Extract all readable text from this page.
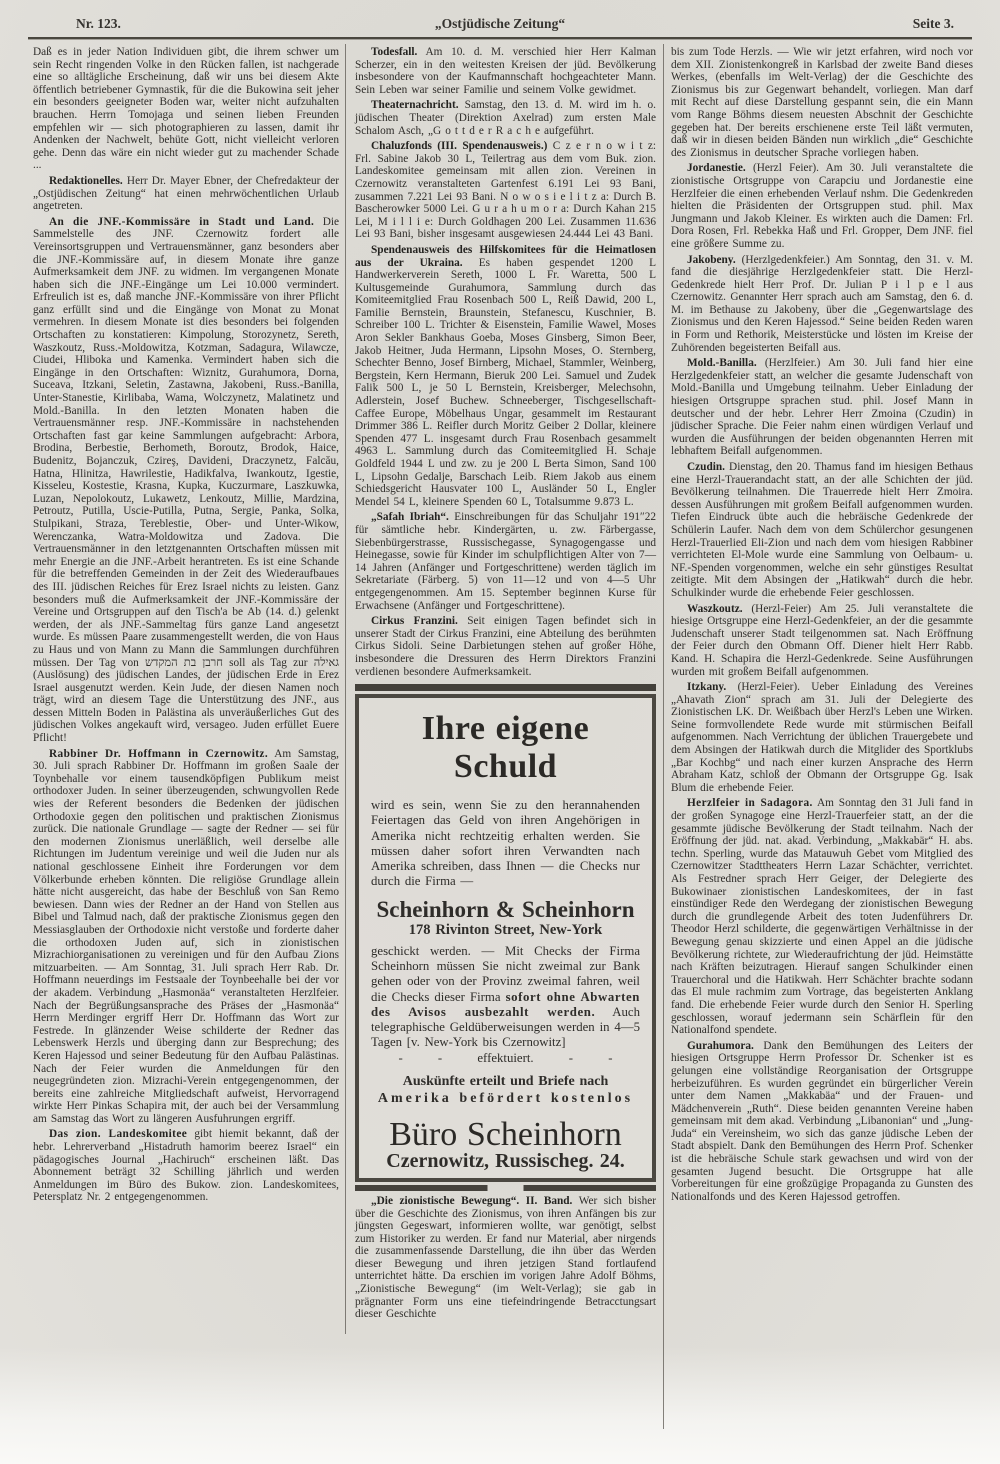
Nr. 123.	„Ostjüdische Zeitung“	Seite 3.

Daß es in jeder Nation Individuen gibt, die ihrem schwer um sein Recht ringenden Volke in den Rücken fallen, ist nachgerade eine so alltägliche Erscheinung, daß wir uns bei diesem Akte öffentlich betriebener Gymnastik, für die die Bukowina seit jeher ein besonders geeigneter Boden war, weiter nicht aufzuhalten brauchen. Herrn Tomojaga und seinen lieben Freunden empfehlen wir — sich photographieren zu lassen, damit ihr Andenken der Nachwelt, behüte Gott, nicht vielleicht verloren gehe. Denn das wäre ein nicht wieder gut zu machender Schade ...

Redaktionelles. Herr Dr. Mayer Ebner, der Chefredakteur der „Ostjüdischen Zeitung“ hat einen mehrwöchentlichen Urlaub angetreten.

An die JNF.-Kommissäre in Stadt und Land. Die Sammelstelle des JNF. Czernowitz fordert alle Vereinsortsgruppen und Vertrauensmänner, ganz besonders aber die JNF.-Kommissäre auf, in diesem Monate ihre ganze Aufmerksamkeit dem JNF. zu widmen. Im vergangenen Monate haben sich die JNF.-Eingänge um Lei 10.000 vermindert. Erfreulich ist es, daß manche JNF.-Kommissäre von ihrer Pflicht ganz erfüllt sind und die Eingänge von Monat zu Monat vermehren. In diesem Monate ist dies besonders bei folgenden Ortschaften zu konstatieren: Kimpolung, Storozynetz, Sereth, Waszkoutz, Russ.-Moldowitza, Kotzman, Sadagura, Wilawcze, Ciudei, Hliboka und Kamenka. Vermindert haben sich die Eingänge in den Ortschaften: Wiznitz, Gurahumora, Dorna, Suceava, Itzkani, Seletin, Zastawna, Jakobeni, Russ.-Banilla, Unter-Stanestie, Kirlibaba, Wama, Wolczynetz, Malatinetz und Mold.-Banilla. In den letzten Monaten haben die Vertrauensmänner resp. JNF.-Kommissäre in nachstehenden Ortschaften fast gar keine Sammlungen aufgebracht: Arbora, Brodina, Berbestie, Berhometh, Boroutz, Brodok, Haice, Budenitz, Bojanczuk, Czireş, Davideni, Draczynetz, Falcău, Hatna, Hlinitza, Hawrilestie, Hadikfalva, Iwankoutz, Igestie, Kisseleu, Kostestie, Krasna, Kupka, Kuczurmare, Laszkuwka, Luzan, Nepolokoutz, Lukawetz, Lenkoutz, Millie, Mardzina, Petroutz, Putilla, Uscie-Putilla, Putna, Sergie, Panka, Solka, Stulpikani, Straza, Tereblestie, Ober- und Unter-Wikow, Werenczanka, Watra-Moldowitza und Zadova. Die Vertrauensmänner in den letztgenannten Ortschaften müssen mit mehr Energie an die JNF.-Arbeit herantreten. Es ist eine Schande für die betreffenden Gemeinden in der Zeit des Wiederaufbaues des III. jüdischen Reiches für Erez Israel nichts zu leisten. Ganz besonders muß die Aufmerksamkeit der JNF.-Kommissäre der Vereine und Ortsgruppen auf den Tisch'a be Ab (14. d.) gelenkt werden, der als JNF.-Sammeltag fürs ganze Land angesetzt wurde. Es müssen Paare zusammengestellt werden, die von Haus zu Haus und von Mann zu Mann die Sammlungen durchführen müssen. Der Tag von חרבן בת המקדש soll als Tag zur גאילה (Auslösung) des jüdischen Landes, der jüdischen Erde in Erez Israel ausgenutzt werden. Kein Jude, der diesen Namen noch trägt, wird an diesem Tage die Unterstützung des JNF., aus dessen Mitteln Boden in Palästina als unveräußerliches Gut des jüdischen Volkes angekauft wird, versageo. Juden erfüllet Euere Pflicht!

Rabbiner Dr. Hoffmann in Czernowitz. Am Samstag, 30. Juli sprach Rabbiner Dr. Hoffmann im großen Saale der Toynbehalle vor einem tausendköpfigen Publikum meist orthodoxer Juden. In seiner überzeugenden, schwungvollen Rede wies der Referent besonders die Bedenken der jüdischen Orthodoxie gegen den politischen und praktischen Zionismus zurück. Die nationale Grundlage — sagte der Redner — sei für den modernen Zionismus unerläßlich, weil derselbe alle Richtungen im Judentum vereinige und weil die Juden nur als national geschlossene Einheit ihre Forderungen vor dem Völkerbunde erheben könnten. Die religiöse Grundlage allein hätte nicht ausgereicht, das habe der Beschluß von San Remo bewiesen. Dann wies der Redner an der Hand von Stellen aus Bibel und Talmud nach, daß der praktische Zionismus gegen den Messiasglauben der Orthodoxie nicht verstoße und forderte daher die orthodoxen Juden auf, sich in zionistischen Mizrachiorganisationen zu vereinigen und für den Aufbau Zions mitzuarbeiten. — Am Sonntag, 31. Juli sprach Herr Rab. Dr. Hoffmann neuerdings im Festsaale der Toynbeehalle bei der vor der akadem. Verbindung „Hasmonäa“ veranstalteten Herzlfeier. Nach der Begrüßungsansprache des Präses der „Hasmonäa“ Herrn Merdinger ergriff Herr Dr. Hoffmann das Wort zur Festrede. In glänzender Weise schilderte der Redner das Lebenswerk Herzls und überging dann zur Besprechung; des Keren Hajessod und seiner Bedeutung für den Aufbau Palästinas. Nach der Feier wurden die Anmeldungen für den neugegründeten zion. Mizrachi-Verein entgegengenommen, der bereits eine zahlreiche Mitgliedschaft aufweist, Hervorragend wirkte Herr Pinkas Schapira mit, der auch bei der Versammlung am Samstag das Wort zu längeren Ausfuhrungen ergriff.

Das zion. Landeskomitee gibt hiemit bekannt, daß der hebr. Lehrerverband „Histadruth hamorim beerez Israel“ ein pädagogisches Journal „Hachiruch“ erscheinen läßt. Das Abonnement beträgt 32 Schilling jährlich und werden Anmeldungen im Büro des Bukow. zion. Landeskomitees, Petersplatz Nr. 2 entgegengenommen.

Todesfall. Am 10. d. M. verschied hier Herr Kalman Scherzer, ein in den weitesten Kreisen der jüd. Bevölkerung insbesondere von der Kaufmannschaft hochgeachteter Mann. Sein Leben war seiner Familie und seinem Volke gewidmet.

Theaternachricht. Samstag, den 13. d. M. wird im h. o. jüdischen Theater (Direktion Axelrad) zum ersten Male Schalom Asch, „G o t t d e r R a c h e aufgeführt.

Chaluzfonds (III. Spendenausweis.) C z e r n o w i t z: Frl. Sabine Jakob 30 L, Teilertrag aus dem vom Buk. zion. Landeskomitee gemeinsam mit allen zion. Vereinen in Czernowitz veranstalteten Gartenfest 6.191 Lei 93 Bani, zusammen 7.221 Lei 93 Bani. N o w o s i e l i t z a: Durch B. Bascherowker 5000 Lei. G u r a h u m o r a: Durch Kahan 215 Lei, M i l l i e: Durch Goldhagen 200 Lei. Zusammen 11.636 Lei 93 Bani, bisher insgesamt ausgewiesen 24.444 Lei 43 Bani.

Spendenausweis des Hilfskomitees für die Heimatlosen aus der Ukraina. Es haben gespendet 1200 L Handwerkerverein Sereth, 1000 L Fr. Waretta, 500 L Kultusgemeinde Gurahumora, Sammlung durch das Komiteemitglied Frau Rosenbach 500 L, Reiß Dawid, 200 L, Familie Bernstein, Braunstein, Stefanescu, Kuschnier, B. Schreiber 100 L. Trichter & Eisenstein, Familie Wawel, Moses Aron Sekler Bankhaus Goeba, Moses Ginsberg, Simon Beer, Jakob Heitner, Juda Hermann, Lipsohn Moses, O. Sternberg, Schechter Benno, Josef Birnberg, Michael, Stammler, Weinberg, Bergstein, Kern Hermann, Bieruk 200 Lei. Samuel und Zudek Falik 500 L, je 50 L Bernstein, Kreisberger, Melechsohn, Adlerstein, Josef Buchew. Schneeberger, Tischgesellschaft-Caffee Europe, Möbelhaus Ungar, gesammelt im Restaurant Drimmer 386 L. Reifler durch Moritz Geiber 2 Dollar, kleinere Spenden 477 L. insgesamt durch Frau Rosenbach gesammelt 4963 L. Sammlung durch das Comiteemitglied H. Schaje Goldfeld 1944 L und zw. zu je 200 L Berta Simon, Sand 100 L, Lipsohn Gedalje, Barschach Leib. Riem Jakob aus einem Schiedsgericht Hausvater 100 L, Ausländer 50 L, Engler Mendel 54 L, kleinere Spenden 60 L, Totalsumme 9.873 L.

„Safah Ibriah“. Einschreibungen für das Schuljahr 191″22 für sämtliche hebr. Kindergärten, u. zw. Färbergasse, Siebenbürgerstrasse, Russischegasse, Synagogengasse und Heinegasse, sowie für Kinder im schulpflichtigen Alter von 7—14 Jahren (Anfänger und Fortgeschrittene) werden täglich im Sekretariate (Färberg. 5) von 11—12 und von 4—5 Uhr entgegengenommen. Am 15. September beginnen Kurse für Erwachsene (Anfänger und Fortgeschrittene).

Cirkus Franzini. Seit einigen Tagen befindet sich in unserer Stadt der Cirkus Franzini, eine Abteilung des berühmten Cirkus Sidoli. Seine Darbietungen stehen auf großer Höhe, insbesondere die Dressuren des Herrn Direktors Franzini verdienen besondere Aufmerksamkeit.

Ihre eigene Schuld
wird es sein, wenn Sie zu den herannahenden Feiertagen das Geld von ihren Angehörigen in Amerika nicht rechtzeitig erhalten werden. Sie müssen daher sofort ihren Verwandten nach Amerika schreiben, dass Ihnen — die Checks nur durch die Firma —
Scheinhorn & Scheinhorn
178 Rivinton Street, New-York
geschickt werden. — Mit Checks der Firma Scheinhorn müssen Sie nicht zweimal zur Bank gehen oder von der Provinz zweimal fahren, weil die Checks dieser Firma sofort ohne Abwarten des Avisos ausbezahlt werden. Auch telegraphische Geldüberweisungen werden in 4—5 Tagen [v. New-York bis Czernowitz]
-        -        effektuiert.        -        -
Auskünfte erteilt und Briefe nach
Amerika befördert kostenlos
Büro Scheinhorn
Czernowitz, Russischeg. 24.

„Die zionistische Bewegung“. II. Band. Wer sich bisher über die Geschichte des Zionismus, von ihren Anfängen bis zur jüngsten Gegeswart, informieren wollte, war genötigt, selbst zum Historiker zu werden. Er fand nur Material, aber nirgends die zusammenfassende Darstellung, die ihn über das Werden dieser Bewegung und ihren jetzigen Stand fortlaufend unterrichtet hätte. Da erschien im vorigen Jahre Adolf Böhms, „Zionistische Bewegung“ (im Welt-Verlag); sie gab in prägnanter Form uns eine tiefeindringende Betracctungsart dieser Geschichte

bis zum Tode Herzls. — Wie wir jetzt erfahren, wird noch vor dem XII. Zionistenkongreß in Karlsbad der zweite Band dieses Werkes, (ebenfalls im Welt-Verlag) der die Geschichte des Zionismus bis zur Gegenwart behandelt, vorliegen. Man darf mit Recht auf diese Darstellung gespannt sein, die ein Mann vom Range Böhms diesem neuesten Abschnit der Geschichte gegeben hat. Der bereits erschienene erste Teil läßt vermuten, daß wir in diesen beiden Bänden nun wirklich „die“ Geschichte des Zionismus in deutscher Sprache vorliegen haben.

Jordanestie. (Herzl Feier). Am 30. Juli veranstaltete die zionistische Ortsgruppe von Carapciu und Jordanestie eine Herzlfeier die einen erhebenden Verlauf nshm. Die Gedenkreden hielten die Präsidenten der Ortsgruppen stud. phil. Max Jungmann und Jakob Kleiner. Es wirkten auch die Damen: Frl. Dora Rosen, Frl. Rebekka Haß und Frl. Gropper, Dem JNF. fiel eine größere Summe zu.

Jakobeny. (Herzlgedenkfeier.) Am Sonntag, den 31. v. M. fand die diesjährige Herzlgedenkfeier statt. Die Herzl-Gedenkrede hielt Herr Prof. Dr. Julian P i l p e l aus Czernowitz. Genannter Herr sprach auch am Samstag, den 6. d. M. im Bethause zu Jakobeny, über die „Gegenwartslage des Zionismus und den Keren Hajessod.“ Seine beiden Reden waren in Form und Rethorik, Meisterstücke und lösten im Kreise der Zuhörenden begeisterten Beifall aus.

Mold.-Banilla. (Herzlfeier.) Am 30. Juli fand hier eine Herzlgedenkfeier statt, an welcher die gesamte Judenschaft von Mold.-Banilla und Umgebung teilnahm. Ueber Einladung der hiesigen Ortsgruppe sprachen stud. phil. Josef Mann in deutscher und der hebr. Lehrer Herr Zmoina (Czudin) in jüdischer Sprache. Die Feier nahm einen würdigen Verlauf und wurden die Ausführungen der beiden obgenannten Herren mit lebhaftem Beifall aufgenommen.

Czudin. Dienstag, den 20. Thamus fand im hiesigen Bethaus eine Herzl-Trauerandacht statt, an der alle Schichten der jüd. Bevölkerung teilnahmen. Die Trauerrede hielt Herr Zmoira. dessen Ausführungen mit großem Beifall aufgenommen wurden. Tiefen Eindruck übte auch die hebräische Gedenkrede der Schülerin Laufer. Nach dem von dem Schülerchor gesungenen Herzl-Trauerlied Eli-Zion und nach dem vom hiesigen Rabbiner verrichteten El-Mole wurde eine Sammlung von Oelbaum- u. NF.-Spenden vorgenommen, welche ein sehr günstiges Resultat zeitigte. Mit dem Absingen der „Hatikwah“ durch die hebr. Schulkinder wurde die erhebende Feier geschlossen.

Waszkoutz. (Herzl-Feier) Am 25. Juli veranstaltete die hiesige Ortsgruppe eine Herzl-Gedenkfeier, an der die gesammte Judenschaft unserer Stadt teilgenommen sat. Nach Eröffnung der Feier durch den Obmann Off. Diener hielt Herr Rabb. Kand. H. Schapira die Herzl-Gedenkrede. Seine Ausführungen wurden mit großem Beifall aufgenommen.

Itzkany. (Herzl-Feier). Ueber Einladung des Vereines „Ahavath Zion“ sprach am 31. Juli der Delegierte des Zionistischen LK. Dr. Weißbach über Herzl's Leben une Wirken. Seine formvollendete Rede wurde mit stürmischen Beifall aufgenommen. Nach Verrichtung der üblichen Trauergebete und dem Absingen der Hatikwah durch die Mitglider des Sportklubs „Bar Kochbg“ und nach einer kurzen Ansprache des Herrn Abraham Katz, schloß der Obmann der Ortsgruppe Gg. Isak Blum die erhebende Feier.

Herzlfeier in Sadagora. Am Sonntag den 31 Juli fand in der großen Synagoge eine Herzl-Trauerfeier statt, an der die gesammte jüdische Bevölkerung der Stadt teilnahm. Nach der Eröffnung der jüd. nat. akad. Verbindung, „Makkabär“ H. abs. techn. Sperling, wurde das Matauwuh Gebet vom Mitglied des Czernowitzer Stadttheaters Herrn Lazar Schächter, verrichtet. Als Festredner sprach Herr Geiger, der Delegierte des Bukowinaer zionistischen Landeskomitees, der in fast einstündiger Rede den Werdegang der zionistischen Bewegung durch die grundlegende Arbeit des toten Judenführers Dr. Theodor Herzl schilderte, die gegenwärtigen Verhältnisse in der Bewegung genau skizzierte und einen Appel an die jüdische Bevölkerung richtete, zur Wiederaufrichtung der jüd. Heimstätte nach Kräften beizutragen. Hierauf sangen Schulkinder einen Trauerchoral und die Hatikwah. Herr Schächter brachte sodann das El mule rachmim zum Vortrage, das begeisterten Anklang fand. Die erhebende Feier wurde durch den Senior H. Sperling geschlossen, worauf jedermann sein Schärflein für den Nationalfond spendete.

Gurahumora. Dank den Bemühungen des Leiters der hiesigen Ortsgruppe Herrn Professor Dr. Schenker ist es gelungen eine vollständige Reorganisation der Ortsgruppe herbeizuführen. Es wurden gegründet ein bürgerlicher Verein unter dem Namen „Makkabäa“ und der Frauen- und Mädchenverein „Ruth“. Diese beiden genannten Vereine haben gemeinsam mit dem akad. Verbindung „Libanonian“ und „Jung-Juda“ ein Vereinsheim, wo sich das ganze jüdische Leben der Stadt abspielt. Dank den Bemühungen des Herrn Prof. Schenker ist die hebräische Schule stark gewachsen und wird von der gesamten Jugend besucht. Die Ortsgruppe hat alle Vorbereitungen für eine großzügige Propaganda zu Gunsten des Nationalfonds und des Keren Hajessod getroffen.
